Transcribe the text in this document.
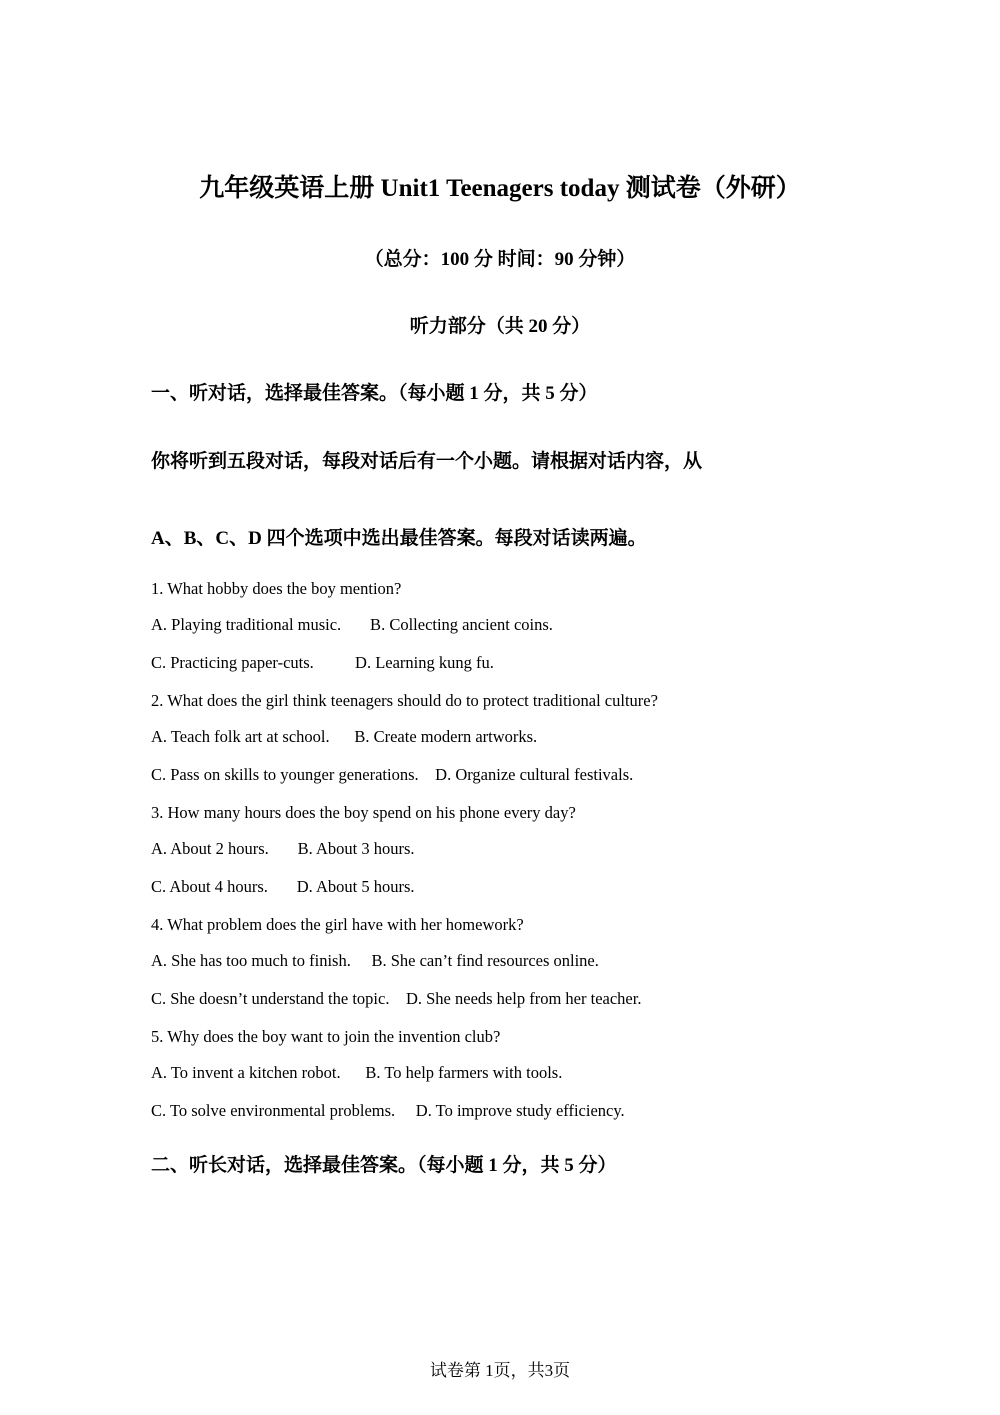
九年级英语上册 Unit1 Teenagers today 测试卷（外研）
（总分：100 分 时间：90 分钟）
听力部分（共 20 分）
一、听对话，选择最佳答案。（每小题 1 分，共 5 分）
你将听到五段对话，每段对话后有一个小题。请根据对话内容，从
A、B、C、D 四个选项中选出最佳答案。每段对话读两遍。
1. What hobby does the boy mention?
A. Playing traditional music.       B. Collecting ancient coins.
C. Practicing paper-cuts.          D. Learning kung fu.
2. What does the girl think teenagers should do to protect traditional culture?
A. Teach folk art at school.      B. Create modern artworks.
C. Pass on skills to younger generations.    D. Organize cultural festivals.
3. How many hours does the boy spend on his phone every day?
A. About 2 hours.       B. About 3 hours.
C. About 4 hours.       D. About 5 hours.
4. What problem does the girl have with her homework?
A. She has too much to finish.     B. She can’t find resources online.
C. She doesn’t understand the topic.    D. She needs help from her teacher.
5. Why does the boy want to join the invention club?
A. To invent a kitchen robot.      B. To help farmers with tools.
C. To solve environmental problems.     D. To improve study efficiency.
二、听长对话，选择最佳答案。（每小题 1 分，共 5 分）
试卷第 1页，共3页
